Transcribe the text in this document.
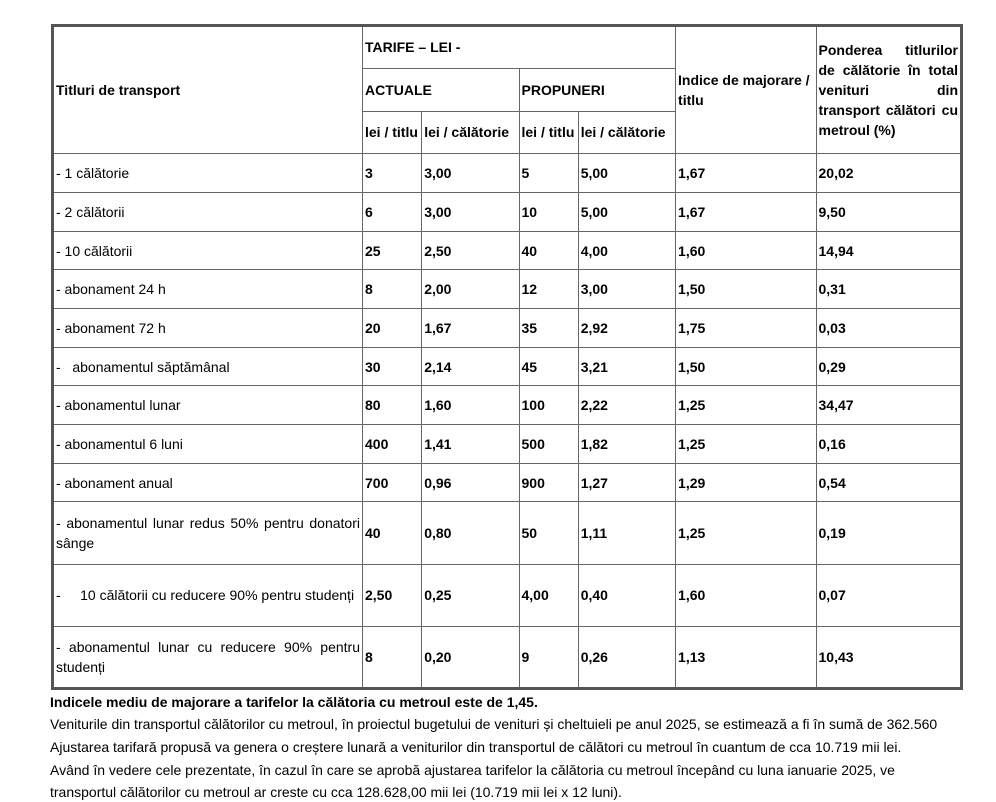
Titluri de transport	TARIFE – LEI -				Indice de majorare / titlu	Ponderea titlurilor de călătorie în total venituri din transport călători cu metroul (%)
	ACTUALE		PROPUNERI			
	lei / titlu	lei / călătorie	lei / titlu	lei / călătorie		
- 1 călătorie	3	3,00	5	5,00	1,67	20,02
- 2 călătorii	6	3,00	10	5,00	1,67	9,50
- 10 călătorii	25	2,50	40	4,00	1,60	14,94
- abonament 24 h	8	2,00	12	3,00	1,50	0,31
- abonament 72 h	20	1,67	35	2,92	1,75	0,03
-   abonamentul săptămânal	30	2,14	45	3,21	1,50	0,29
- abonamentul lunar	80	1,60	100	2,22	1,25	34,47
- abonamentul 6 luni	400	1,41	500	1,82	1,25	0,16
- abonament anual	700	0,96	900	1,27	1,29	0,54
- abonamentul lunar redus 50% pentru donatori sânge	40	0,80	50	1,11	1,25	0,19
-     10 călătorii cu reducere 90% pentru studenți	2,50	0,25	4,00	0,40	1,60	0,07
- abonamentul lunar cu reducere 90% pentru studenți	8	0,20	9	0,26	1,13	10,43
Indicele mediu de majorare a tarifelor la călătoria cu metroul este de 1,45.
Veniturile din transportul călătorilor cu metroul, în proiectul bugetului de venituri și cheltuieli pe anul 2025, se estimează a fi în sumă de 362.560
Ajustarea tarifară propusă va genera o creștere lunară a veniturilor din transportul de călători cu metroul în cuantum de cca 10.719 mii lei.
Având în vedere cele prezentate, în cazul în care se aprobă ajustarea tarifelor la călătoria cu metroul începând cu luna ianuarie 2025, ve
transportul călătorilor cu metroul ar creste cu cca 128.628,00 mii lei (10.719 mii lei x 12 luni).
